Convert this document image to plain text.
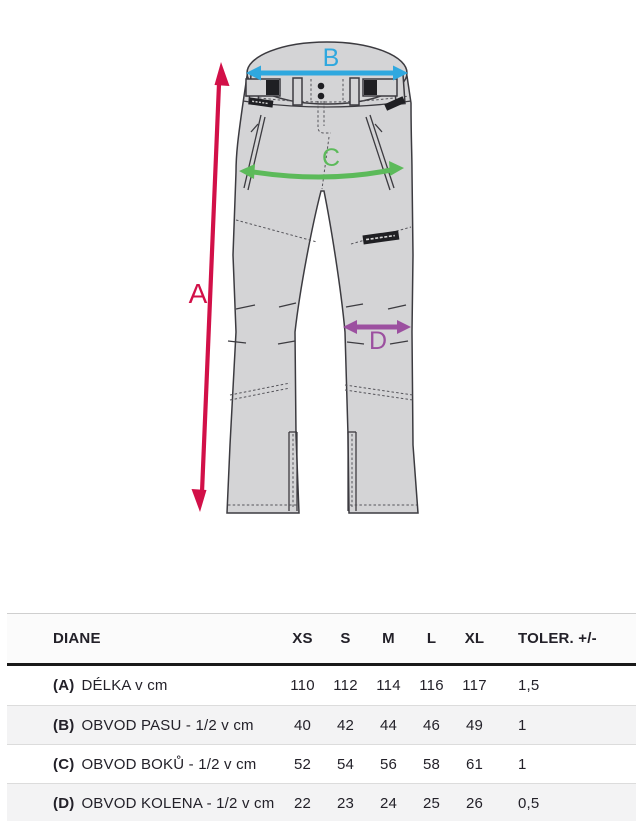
A
B
C
D
DIANE	XS	S	M	L	XL	TOLER. +/-
(A) DÉLKA v cm	110	112	114	116	117	1,5
(B) OBVOD PASU - 1/2 v cm	40	42	44	46	49	1
(C) OBVOD BOKŮ - 1/2 v cm	52	54	56	58	61	1
(D) OBVOD KOLENA - 1/2 v cm	22	23	24	25	26	0,5
